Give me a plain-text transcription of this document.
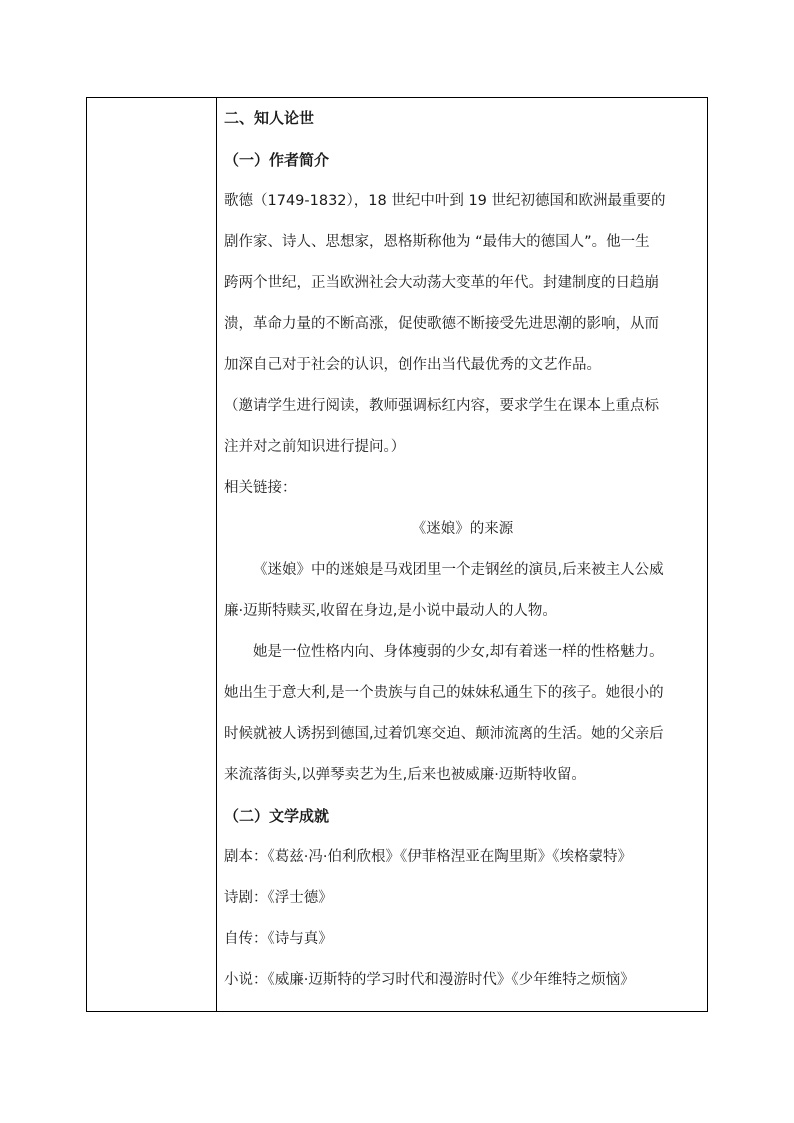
二、知人论世

（一）作者简介

歌德（1749-1832），18 世纪中叶到 19 世纪初德国和欧洲最重要的

剧作家、诗人、思想家，恩格斯称他为 “最伟大的德国人”。他一生

跨两个世纪，正当欧洲社会大动荡大变革的年代。封建制度的日趋崩

溃，革命力量的不断高涨，促使歌德不断接受先进思潮的影响，从而

加深自己对于社会的认识，创作出当代最优秀的文艺作品。

（邀请学生进行阅读，教师强调标红内容，要求学生在课本上重点标

注并对之前知识进行提问。）

相关链接：

《迷娘》的来源

《迷娘》中的迷娘是马戏团里一个走钢丝的演员,后来被主人公威

廉·迈斯特赎买,收留在身边,是小说中最动人的人物。

她是一位性格内向、身体瘦弱的少女,却有着迷一样的性格魅力。

她出生于意大利,是一个贵族与自己的妹妹私通生下的孩子。她很小的

时候就被人诱拐到德国,过着饥寒交迫、颠沛流离的生活。她的父亲后

来流落街头,以弹琴卖艺为生,后来也被威廉·迈斯特收留。

（二）文学成就

剧本：《葛兹·冯·伯利欣根》《伊菲格涅亚在陶里斯》《埃格蒙特》

诗剧：《浮士德》

自传：《诗与真》

小说：《威廉·迈斯特的学习时代和漫游时代》《少年维特之烦恼》
